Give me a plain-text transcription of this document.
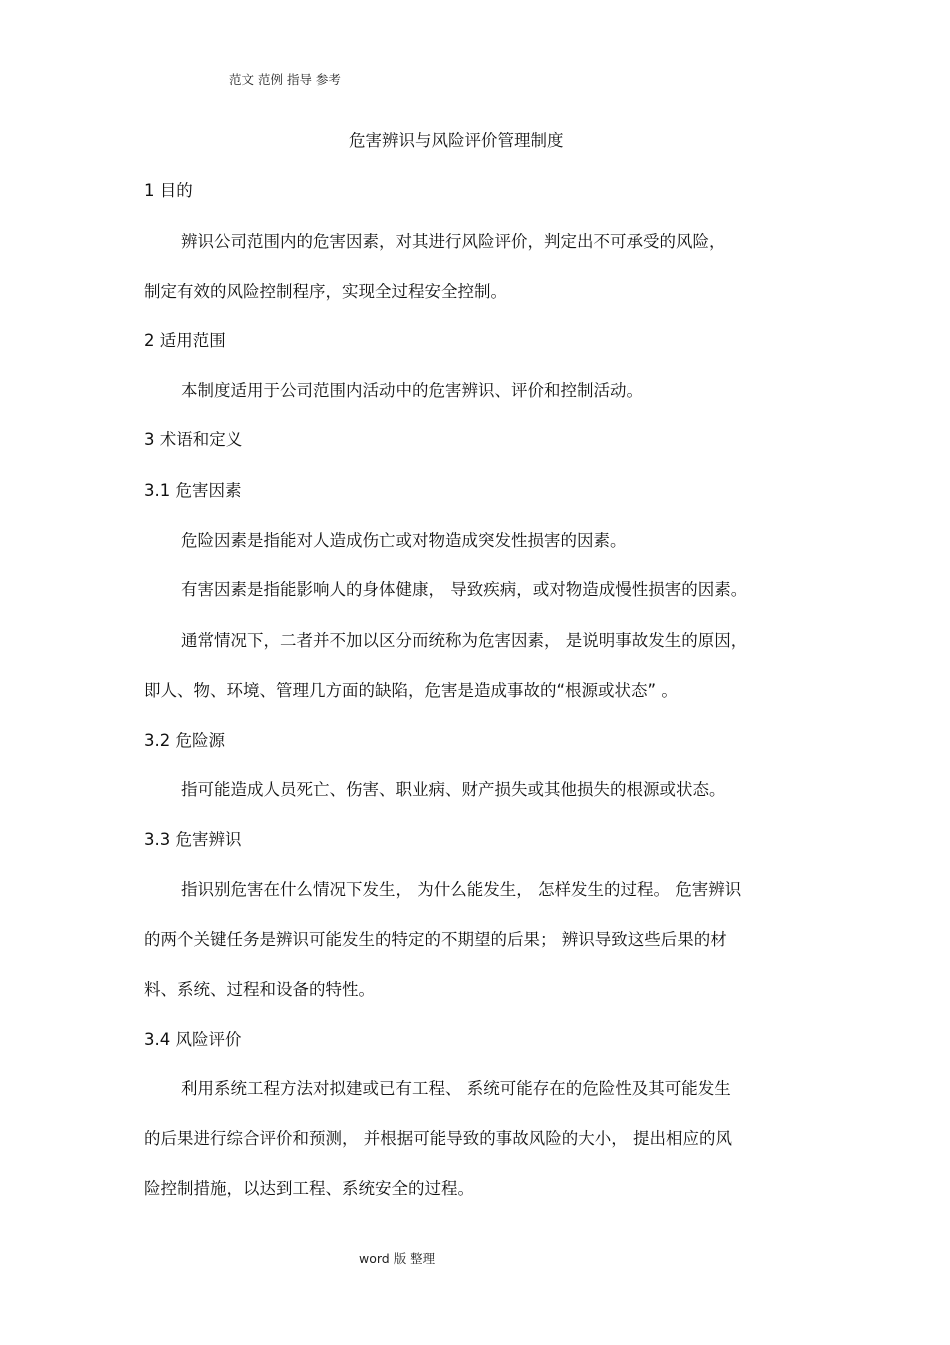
范文 范例 指导 参考
危害辨识与风险评价管理制度
1 目的
辨识公司范围内的危害因素，对其进行风险评价，判定出不可承受的风险，
制定有效的风险控制程序，实现全过程安全控制。
2 适用范围
本制度适用于公司范围内活动中的危害辨识、评价和控制活动。
3 术语和定义
3.1 危害因素
危险因素是指能对人造成伤亡或对物造成突发性损害的因素。
有害因素是指能影响人的身体健康， 导致疾病，或对物造成慢性损害的因素。
通常情况下，二者并不加以区分而统称为危害因素， 是说明事故发生的原因，
即人、物、环境、管理几方面的缺陷，危害是造成事故的“根源或状态” 。
3.2 危险源
指可能造成人员死亡、伤害、职业病、财产损失或其他损失的根源或状态。
3.3 危害辨识
指识别危害在什么情况下发生， 为什么能发生， 怎样发生的过程。 危害辨识
的两个关键任务是辨识可能发生的特定的不期望的后果； 辨识导致这些后果的材
料、系统、过程和设备的特性。
3.4 风险评价
利用系统工程方法对拟建或已有工程、 系统可能存在的危险性及其可能发生
的后果进行综合评价和预测， 并根据可能导致的事故风险的大小， 提出相应的风
险控制措施，以达到工程、系统安全的过程。
word 版 整理
